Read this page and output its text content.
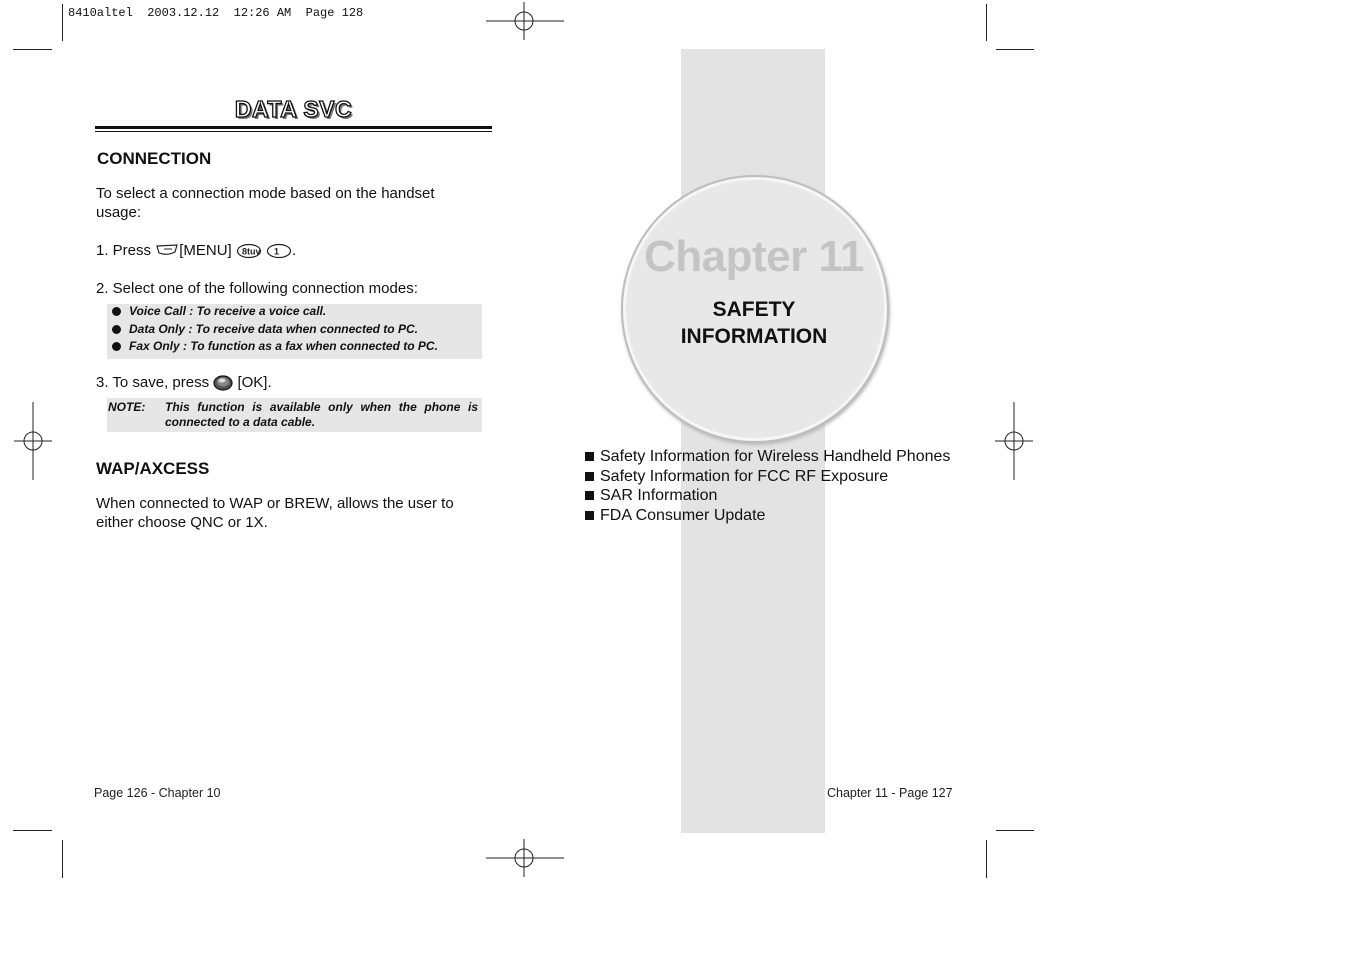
8410altel  2003.12.12  12:26 AM  Page 128
DATA SVC
CONNECTION
To select a connection mode based on the handset usage:
1. Press [MENU] 8tuv
1 .
2. Select one of the following connection modes:
Voice Call : To receive a voice call.
Data Only : To receive data when connected to PC.
Fax Only : To function as a fax when connected to PC.
3. To save, press [OK].
NOTE: This function is available only when the phone is connected to a data cable.
WAP/AXCESS
When connected to WAP or BREW, allows the user to either choose QNC or 1X.
Page 126 - Chapter 10
Chapter 11
SAFETY
INFORMATION
Safety Information for Wireless Handheld Phones
Safety Information for FCC RF Exposure
SAR Information
FDA Consumer Update
Chapter 11 - Page 127
